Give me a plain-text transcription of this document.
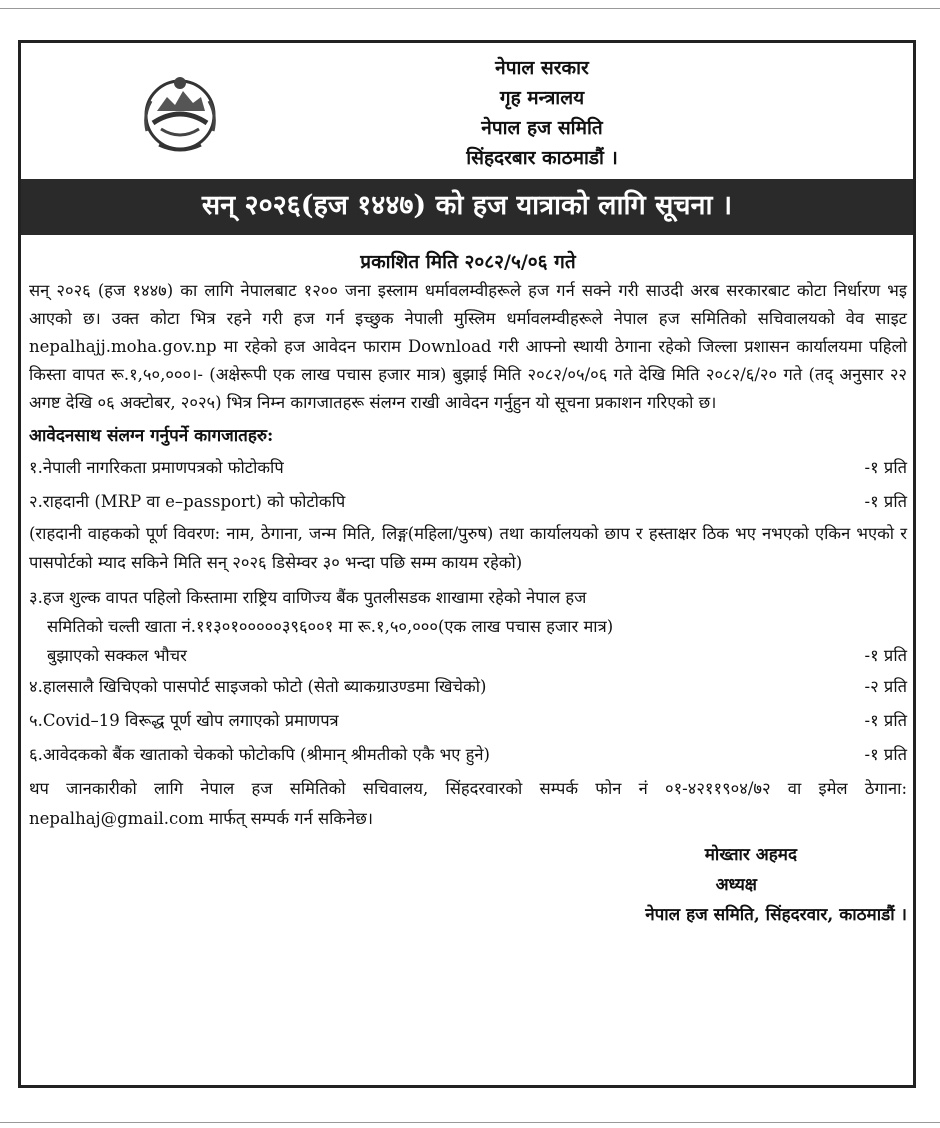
नेपाल सरकार
गृह मन्त्रालय
नेपाल हज समिति
सिंहदरबार काठमाडौं ।
सन् २०२६(हज १४४७) को हज यात्राको लागि सूचना ।
प्रकाशित मिति २०८२/५/०६ गते
सन् २०२६ (हज १४४७) का लागि नेपालबाट १२०० जना इस्लाम धर्मावलम्वीहरूले हज गर्न सक्ने गरी साउदी अरब सरकारबाट कोटा निर्धारण भइ आएको छ। उक्त कोटा भित्र रहने गरी हज गर्न इच्छुक नेपाली मुस्लिम धर्मावलम्वीहरूले नेपाल हज समितिको सचिवालयको वेव साइट nepalhajj.moha.gov.np मा रहेको हज आवेदन फाराम Download गरी आफ्नो स्थायी ठेगाना रहेको जिल्ला प्रशासन कार्यालयमा पहिलो किस्ता वापत रू.१,५०,०००।- (अक्षेरूपी एक लाख पचास हजार मात्र) बुझाई मिति २०८२/०५/०६ गते देखि मिति २०८२/६/२० गते (तद् अनुसार २२ अगष्ट देखि ०६ अक्टोबर, २०२५) भित्र निम्न कागजातहरू संलग्न राखी आवेदन गर्नुहुन यो सूचना प्रकाशन गरिएको छ।
आवेदनसाथ संलग्न गर्नुपर्ने कागजातहरु:
१.नेपाली नागरिकता प्रमाणपत्रको फोटोकपि	-१ प्रति
२.राहदानी (MRP वा e–passport) को फोटोकपि	-१ प्रति
(राहदानी वाहकको पूर्ण विवरण: नाम, ठेगाना, जन्म मिति, लिङ्ग(महिला/पुरुष) तथा कार्यालयको छाप र हस्ताक्षर ठिक भए नभएको एकिन भएको र पासपोर्टको म्याद सकिने मिति सन् २०२६ डिसेम्वर ३० भन्दा पछि सम्म कायम रहेको)
३.हज शुल्क वापत पहिलो किस्तामा राष्ट्रिय वाणिज्य बैंक पुतलीसडक शाखामा रहेको नेपाल हज
समितिको चल्ती खाता नं.११३०१०००००३९६००१ मा रू.१,५०,०००(एक लाख पचास हजार मात्र)
बुझाएको सक्कल भौचर	-१ प्रति
४.हालसालै खिचिएको पासपोर्ट साइजको फोटो (सेतो ब्याकग्राउण्डमा खिचेको)	-२ प्रति
५.Covid–19 विरूद्ध पूर्ण खोप लगाएको प्रमाणपत्र	-१ प्रति
६.आवेदकको बैंक खाताको चेकको फोटोकपि (श्रीमान् श्रीमतीको एकै भए हुने)	-१ प्रति
थप जानकारीको लागि नेपाल हज समितिको सचिवालय, सिंहदरवारको सम्पर्क फोन नं ०१-४२११९०४/७२ वा इमेल ठेगाना: nepalhaj@gmail.com मार्फत् सम्पर्क गर्न सकिनेछ।
मोख्तार अहमद
अध्यक्ष
नेपाल हज समिति, सिंहदरवार, काठमाडौं ।
